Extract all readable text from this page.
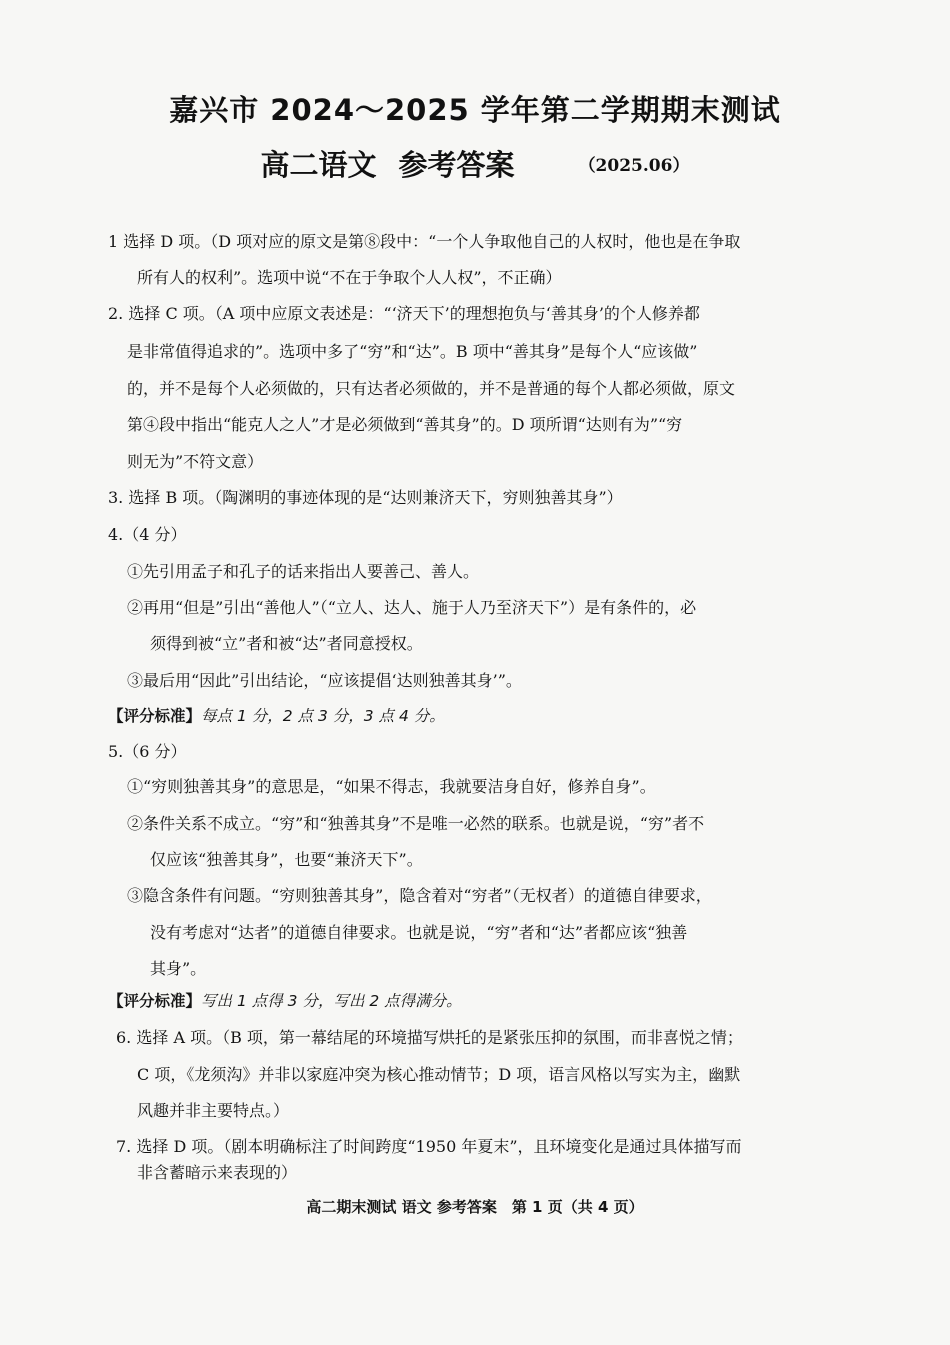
嘉兴市 2024～2025 学年第二学期期末测试
高二语文 参考答案	（2025.06）
1 选择 D 项。（D 项对应的原文是第⑧段中：“一个人争取他自己的人权时，他也是在争取
所有人的权利”。选项中说“不在于争取个人人权”，不正确）
2. 选择 C 项。（A 项中应原文表述是：“‘济天下’的理想抱负与‘善其身’的个人修养都
是非常值得追求的”。选项中多了“穷”和“达”。B 项中“善其身”是每个人“应该做”
的，并不是每个人必须做的，只有达者必须做的，并不是普通的每个人都必须做，原文
第④段中指出“能克人之人”才是必须做到“善其身”的。D 项所谓“达则有为”“穷
则无为”不符文意）
3. 选择 B 项。（陶渊明的事迹体现的是“达则兼济天下，穷则独善其身”）
4.（4 分）
①先引用孟子和孔子的话来指出人要善己、善人。
②再用“但是”引出“善他人”（“立人、达人、施于人乃至济天下”）是有条件的，必
须得到被“立”者和被“达”者同意授权。
③最后用“因此”引出结论，“应该提倡‘达则独善其身’”。
【评分标准】每点 1 分，2 点 3 分，3 点 4 分。
5.（6 分）
①“穷则独善其身”的意思是，“如果不得志，我就要洁身自好，修养自身”。
②条件关系不成立。“穷”和“独善其身”不是唯一必然的联系。也就是说，“穷”者不
仅应该“独善其身”，也要“兼济天下”。
③隐含条件有问题。“穷则独善其身”，隐含着对“穷者”（无权者）的道德自律要求，
没有考虑对“达者”的道德自律要求。也就是说，“穷”者和“达”者都应该“独善
其身”。
【评分标准】写出 1 点得 3 分，写出 2 点得满分。
6. 选择 A 项。（B 项，第一幕结尾的环境描写烘托的是紧张压抑的氛围，而非喜悦之情；
C 项，《龙须沟》并非以家庭冲突为核心推动情节；D 项，语言风格以写实为主，幽默
风趣并非主要特点。）
7. 选择 D 项。（剧本明确标注了时间跨度“1950 年夏末”，且环境变化是通过具体描写而
非含蓄暗示来表现的）
高二期末测试 语文 参考答案　第 1 页（共 4 页）
